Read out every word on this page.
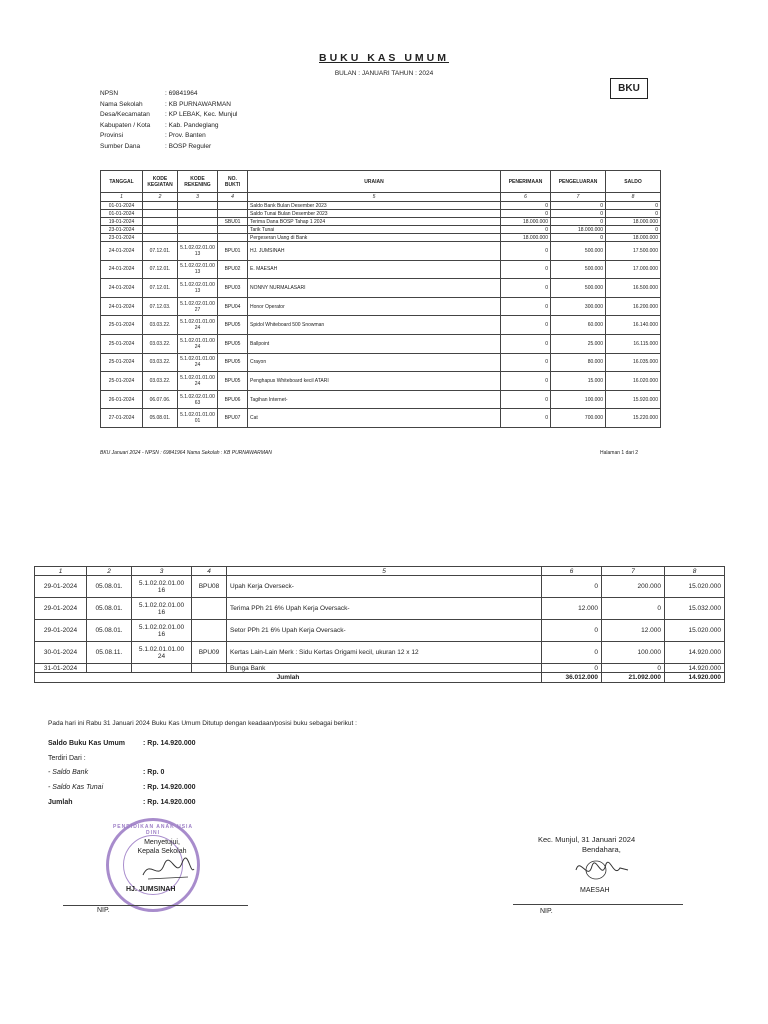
BUKU KAS UMUM
BULAN : JANUARI TAHUN : 2024
BKU
NPSN	: 69841964
Nama Sekolah	: KB PURNAWARMAN
Desa/Kecamatan	: KP LEBAK, Kec. Munjul
Kabupaten / Kota	: Kab. Pandeglang
Provinsi	: Prov. Banten
Sumber Dana	: BOSP Reguler
TANGGAL	KODE KEGIATAN	KODE REKENING	NO. BUKTI	URAIAN	PENERIMAAN	PENGELUARAN	SALDO
1	2	3	4	5	6	7	8
01-01-2024				Saldo Bank Bulan Desember 2023	0	0	0
01-01-2024				Saldo Tunai Bulan Desember 2023	0	0	0
19-01-2024			SBU01	Terima Dana BOSP Tahap 1 2024	18.000.000	0	18.000.000
23-01-2024				Tarik Tunai	0	18.000.000	0
23-01-2024				Pergeseran Uang di Bank	18.000.000	0	18.000.000
24-01-2024	07.12.01.	5.1.02.02.01.00 13	BPU01	HJ. JUMSINAH	0	500.000	17.500.000
24-01-2024	07.12.01.	5.1.02.02.01.00 13	BPU02	E. MAESAH	0	500.000	17.000.000
24-01-2024	07.12.01.	5.1.02.02.01.00 13	BPU03	NONNY NURMALASARI	0	500.000	16.500.000
24-01-2024	07.12.03.	5.1.02.02.01.00 27	BPU04	Honor Operator	0	300.000	16.200.000
25-01-2024	03.03.22.	5.1.02.01.01.00 24	BPU05	Spidol Whiteboard 500 Snowman	0	60.000	16.140.000
25-01-2024	03.03.22.	5.1.02.01.01.00 24	BPU05	Ballpoint	0	25.000	16.115.000
25-01-2024	03.03.22.	5.1.02.01.01.00 24	BPU05	Crayon	0	80.000	16.035.000
25-01-2024	03.03.22.	5.1.02.01.01.00 24	BPU05	Penghapus Whiteboard kecil ATARI	0	15.000	16.020.000
26-01-2024	06.07.06.	5.1.02.02.01.00 63	BPU06	Tagihan Internet-	0	100.000	15.920.000
27-01-2024	05.08.01.	5.1.02.01.01.00 01	BPU07	Cat	0	700.000	15.220.000
BKU Januari 2024 - NPSN : 69841964 Nama Sekolah : KB PURNAWARMAN	Halaman 1 dari 2
1	2	3	4	5	6	7	8
29-01-2024	05.08.01.	5.1.02.02.01.00 16	BPU08	Upah Kerja Overseck-	0	200.000	15.020.000
29-01-2024	05.08.01.	5.1.02.02.01.00 16		Terima PPh 21 6% Upah Kerja Oversack-	12.000	0	15.032.000
29-01-2024	05.08.01.	5.1.02.02.01.00 16		Setor PPh 21 6% Upah Kerja Oversack-	0	12.000	15.020.000
30-01-2024	05.08.11.	5.1.02.01.01.00 24	BPU09	Kertas Lain-Lain Merk : Sidu Kertas Origami kecil, ukuran 12 x 12	0	100.000	14.920.000
31-01-2024				Bunga Bank	0	0	14.920.000
Jumlah					36.012.000	21.092.000	14.920.000
Pada hari ini Rabu 31 Januari 2024 Buku Kas Umum Ditutup dengan keadaan/posisi buku sebagai berikut :
Saldo Buku Kas Umum	: Rp. 14.920.000
Terdiri Dari :
- Saldo Bank	: Rp. 0
- Saldo Kas Tunai	: Rp. 14.920.000
Jumlah	: Rp. 14.920.000
PENDIDIKAN ANAK USIA DINI
Menyetujui,
Kepala Sekolah
HJ. JUMSINAH
NIP.
Kec. Munjul, 31 Januari 2024
Bendahara,
MAESAH
NIP.
